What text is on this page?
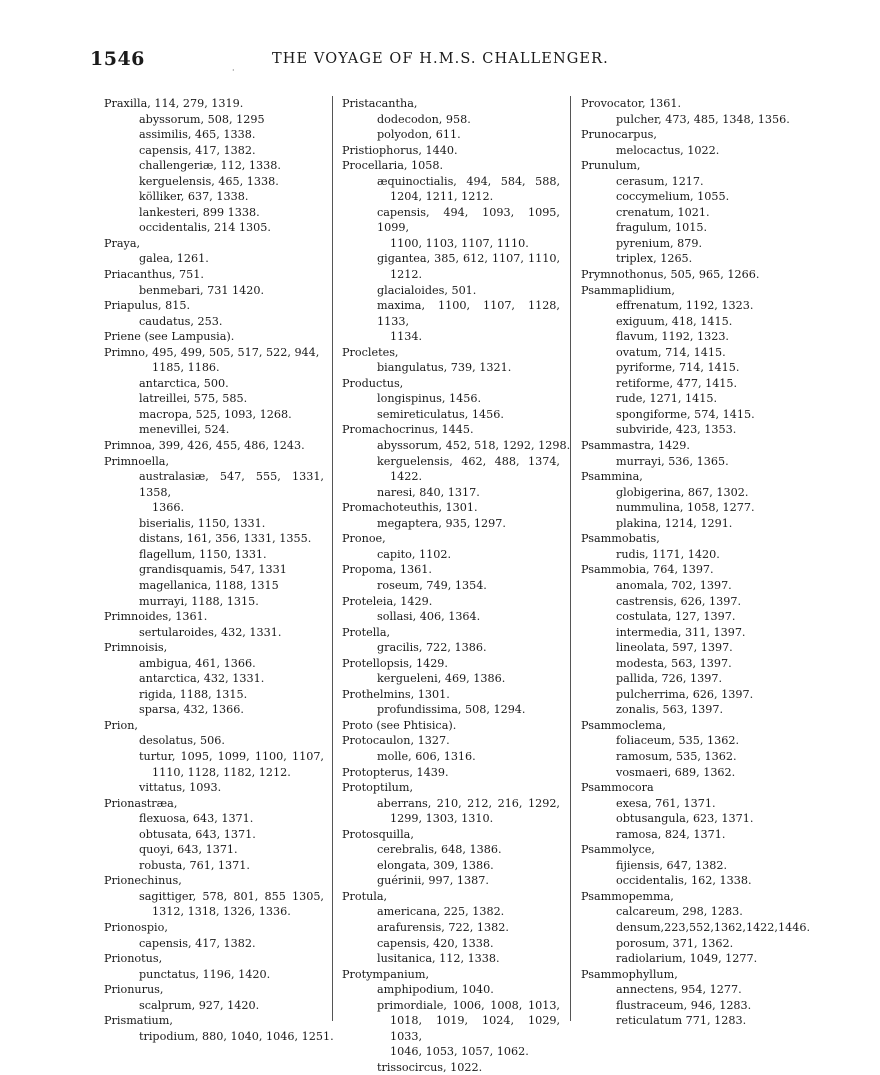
1546	THE VOYAGE OF H.M.S. CHALLENGER.
·
Praxilla, 114, 279, 1319.
abyssorum, 508, 1295
assimilis, 465, 1338.
capensis, 417, 1382.
challengeriæ, 112, 1338.
kerguelensis, 465, 1338.
kölliker, 637, 1338.
lankesteri, 899 1338.
occidentalis, 214 1305.
Praya,
galea, 1261.
Priacanthus, 751.
benmebari, 731 1420.
Priapulus, 815.
caudatus, 253.
Priene (see Lampusia).
Primno, 495, 499, 505, 517, 522, 944,
1185, 1186.
antarctica, 500.
latreillei, 575, 585.
macropa, 525, 1093, 1268.
menevillei, 524.
Primnoa, 399, 426, 455, 486, 1243.
Primnoella,
australasiæ, 547, 555, 1331, 1358,
1366.
biserialis, 1150, 1331.
distans, 161, 356, 1331, 1355.
flagellum, 1150, 1331.
grandisquamis, 547, 1331
magellanica, 1188, 1315
murrayi, 1188, 1315.
Primnoides, 1361.
sertularoides, 432, 1331.
Primnoisis,
ambigua, 461, 1366.
antarctica, 432, 1331.
rigida, 1188, 1315.
sparsa, 432, 1366.
Prion,
desolatus, 506.
turtur, 1095, 1099, 1100, 1107,
1110, 1128, 1182, 1212.
vittatus, 1093.
Prionastræa,
flexuosa, 643, 1371.
obtusata, 643, 1371.
quoyi, 643, 1371.
robusta, 761, 1371.
Prionechinus,
sagittiger, 578, 801, 855 1305,
1312, 1318, 1326, 1336.
Prionospio,
capensis, 417, 1382.
Prionotus,
punctatus, 1196, 1420.
Prionurus,
scalprum, 927, 1420.
Prismatium,
tripodium, 880, 1040, 1046, 1251.
Pristacantha,
dodecodon, 958.
polyodon, 611.
Pristiophorus, 1440.
Procellaria, 1058.
æquinoctialis, 494, 584, 588,
1204, 1211, 1212.
capensis, 494, 1093, 1095, 1099,
1100, 1103, 1107, 1110.
gigantea, 385, 612, 1107, 1110,
1212.
glacialoides, 501.
maxima, 1100, 1107, 1128, 1133,
1134.
Procletes,
biangulatus, 739, 1321.
Productus,
longispinus, 1456.
semireticulatus, 1456.
Promachocrinus, 1445.
abyssorum, 452, 518, 1292, 1298.
kerguelensis, 462, 488, 1374,
1422.
naresi, 840, 1317.
Promachoteuthis, 1301.
megaptera, 935, 1297.
Pronoe,
capito, 1102.
Propoma, 1361.
roseum, 749, 1354.
Proteleia, 1429.
sollasi, 406, 1364.
Protella,
gracilis, 722, 1386.
Protellopsis, 1429.
kergueleni, 469, 1386.
Prothelmins, 1301.
profundissima, 508, 1294.
Proto (see Phtisica).
Protocaulon, 1327.
molle, 606, 1316.
Protopterus, 1439.
Protoptilum,
aberrans, 210, 212, 216, 1292,
1299, 1303, 1310.
Protosquilla,
cerebralis, 648, 1386.
elongata, 309, 1386.
guérinii, 997, 1387.
Protula,
americana, 225, 1382.
arafurensis, 722, 1382.
capensis, 420, 1338.
lusitanica, 112, 1338.
Protympanium,
amphipodium, 1040.
primordiale, 1006, 1008, 1013,
1018, 1019, 1024, 1029, 1033,
1046, 1053, 1057, 1062.
trissocircus, 1022.
Provocator, 1361.
pulcher, 473, 485, 1348, 1356.
Prunocarpus,
melocactus, 1022.
Prunulum,
cerasum, 1217.
coccymelium, 1055.
crenatum, 1021.
fragulum, 1015.
pyrenium, 879.
triplex, 1265.
Prymnothonus, 505, 965, 1266.
Psammaplidium,
effrenatum, 1192, 1323.
exiguum, 418, 1415.
flavum, 1192, 1323.
ovatum, 714, 1415.
pyriforme, 714, 1415.
retiforme, 477, 1415.
rude, 1271, 1415.
spongiforme, 574, 1415.
subviride, 423, 1353.
Psammastra, 1429.
murrayi, 536, 1365.
Psammina,
globigerina, 867, 1302.
nummulina, 1058, 1277.
plakina, 1214, 1291.
Psammobatis,
rudis, 1171, 1420.
Psammobia, 764, 1397.
anomala, 702, 1397.
castrensis, 626, 1397.
costulata, 127, 1397.
intermedia, 311, 1397.
lineolata, 597, 1397.
modesta, 563, 1397.
pallida, 726, 1397.
pulcherrima, 626, 1397.
zonalis, 563, 1397.
Psammoclema,
foliaceum, 535, 1362.
ramosum, 535, 1362.
vosmaeri, 689, 1362.
Psammocora
exesa, 761, 1371.
obtusangula, 623, 1371.
ramosa, 824, 1371.
Psammolyce,
fijiensis, 647, 1382.
occidentalis, 162, 1338.
Psammopemma,
calcareum, 298, 1283.
densum,223,552,1362,1422,1446.
porosum, 371, 1362.
radiolarium, 1049, 1277.
Psammophyllum,
annectens, 954, 1277.
flustraceum, 946, 1283.
reticulatum 771, 1283.
